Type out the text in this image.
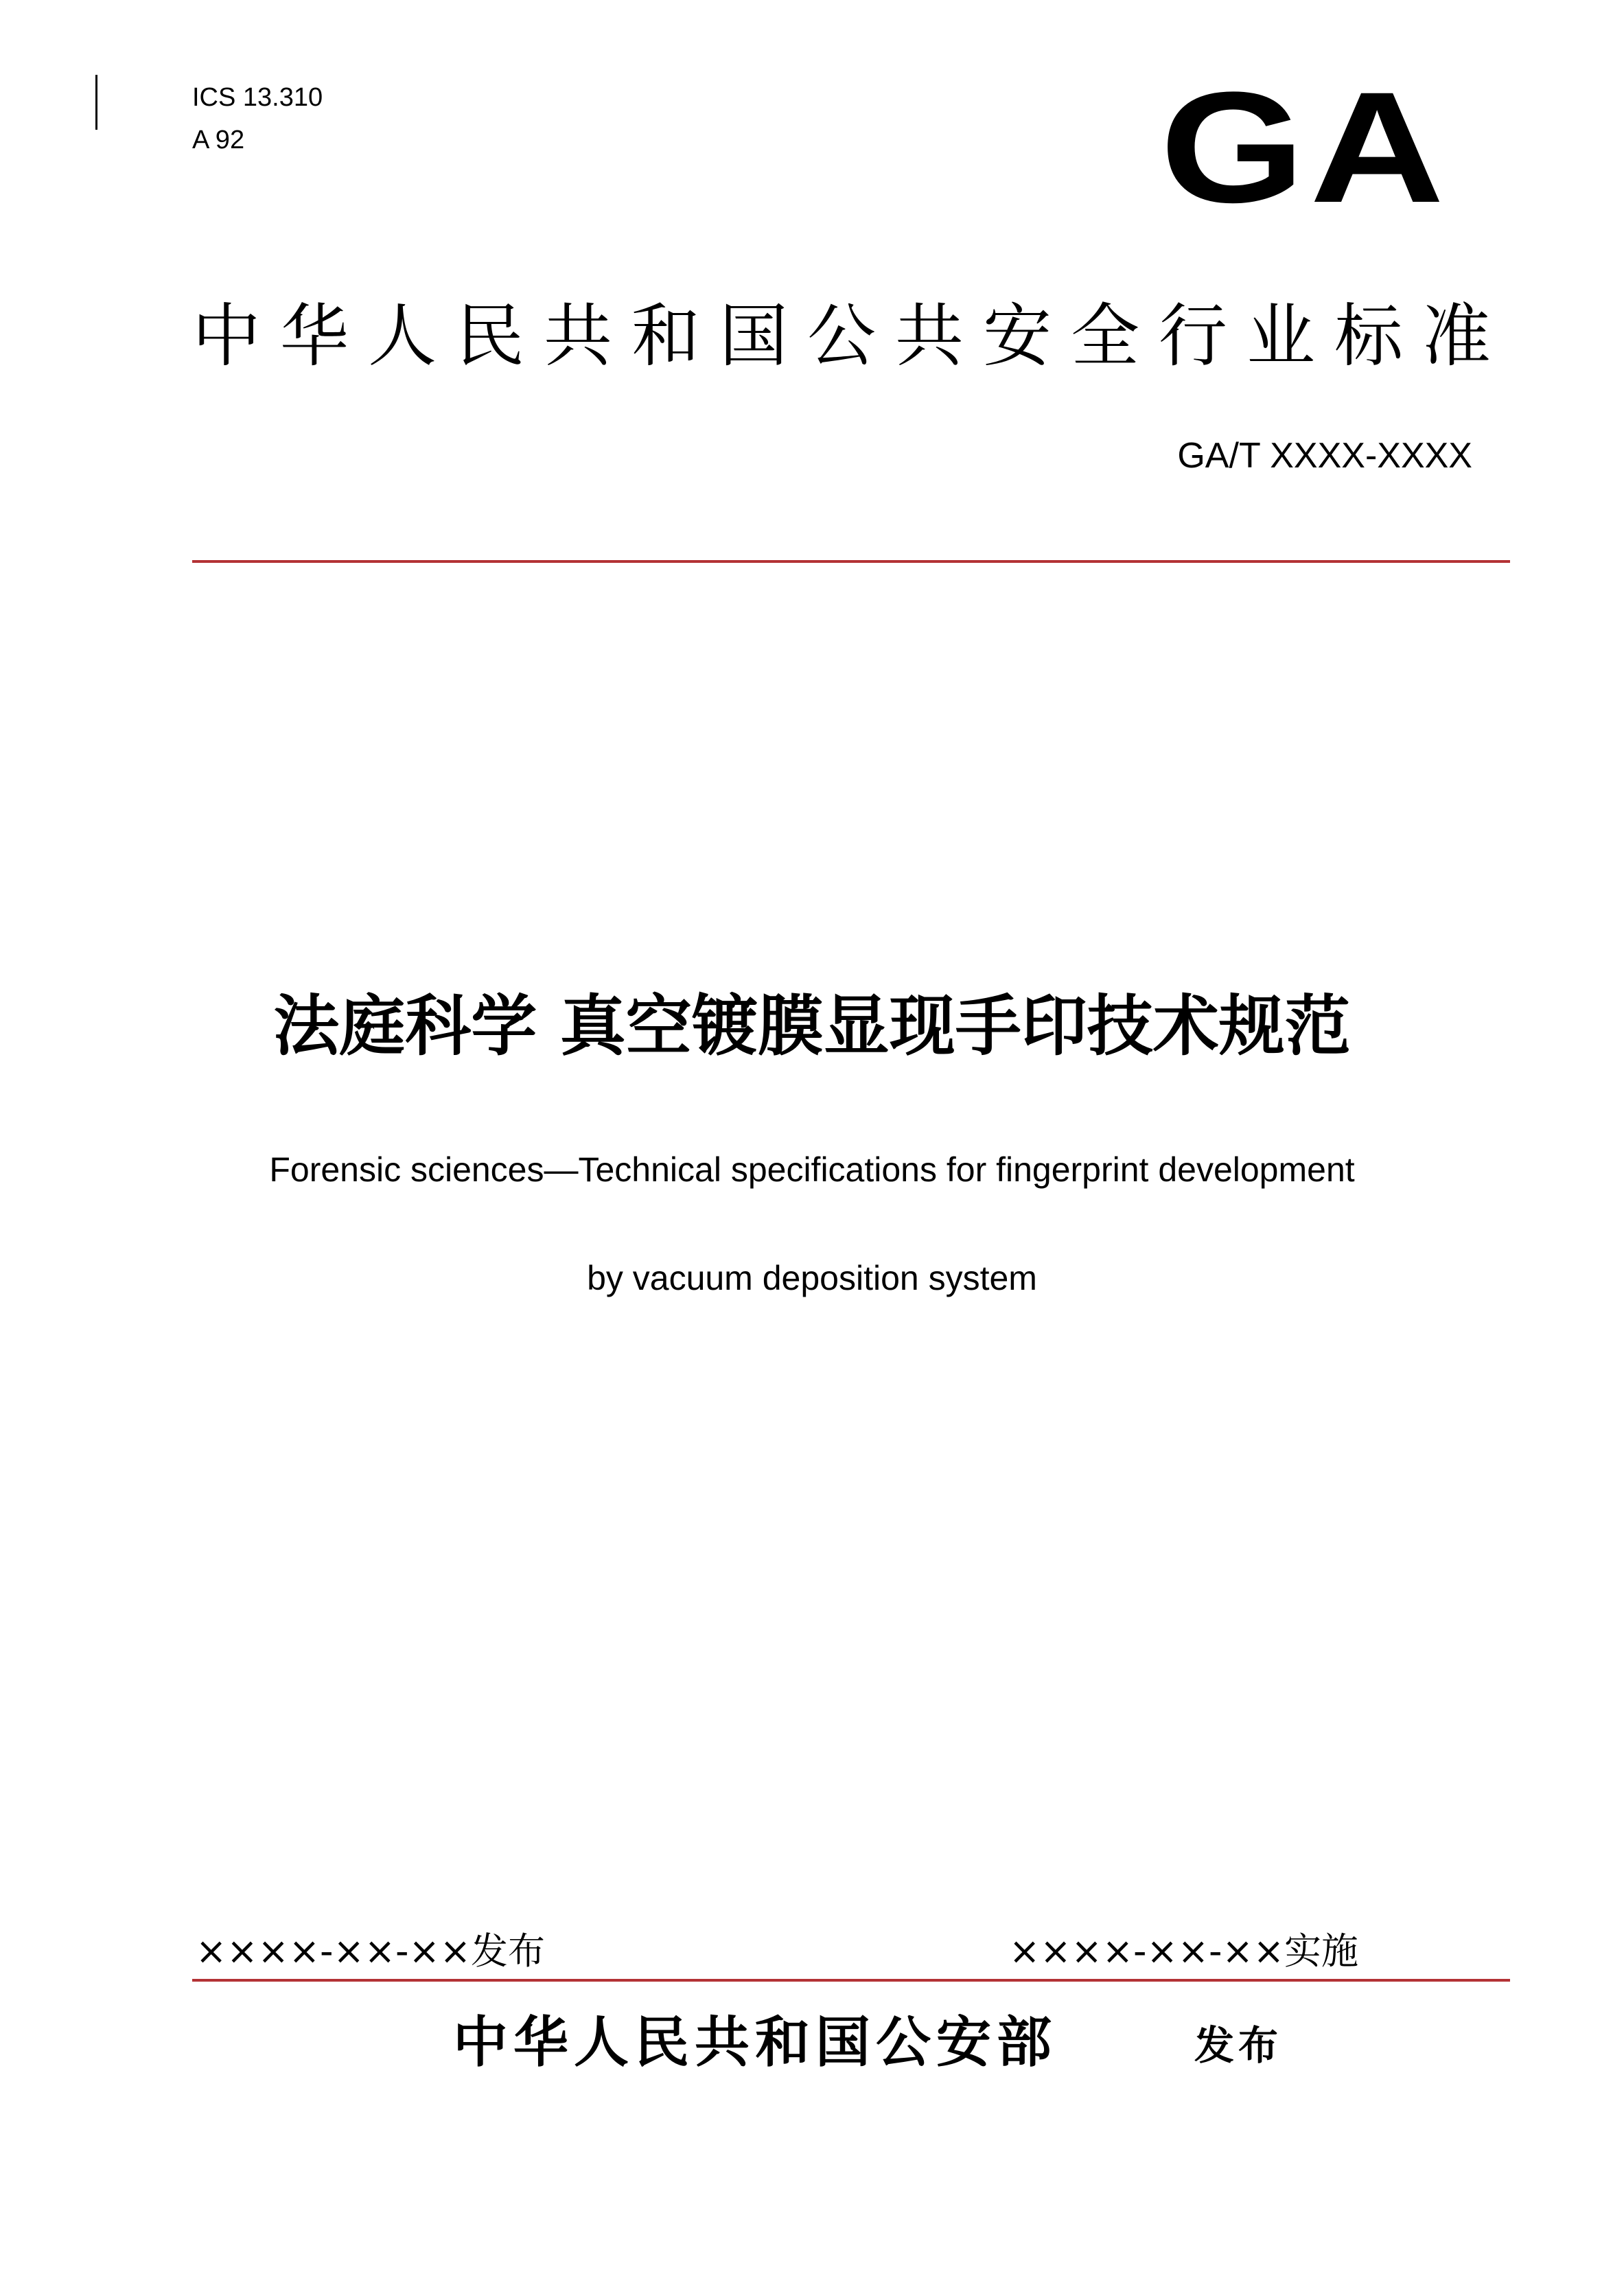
ICS 13.310
A 92	GA
中华人民共和国公共安全行业标准
GA/T XXXX-XXXX
法庭科学 真空镀膜显现手印技术规范
Forensic sciences—Technical specifications for fingerprint development
by vacuum deposition system
××××-××-××发布	××××-××-××实施
中华人民共和国公安部	发布
